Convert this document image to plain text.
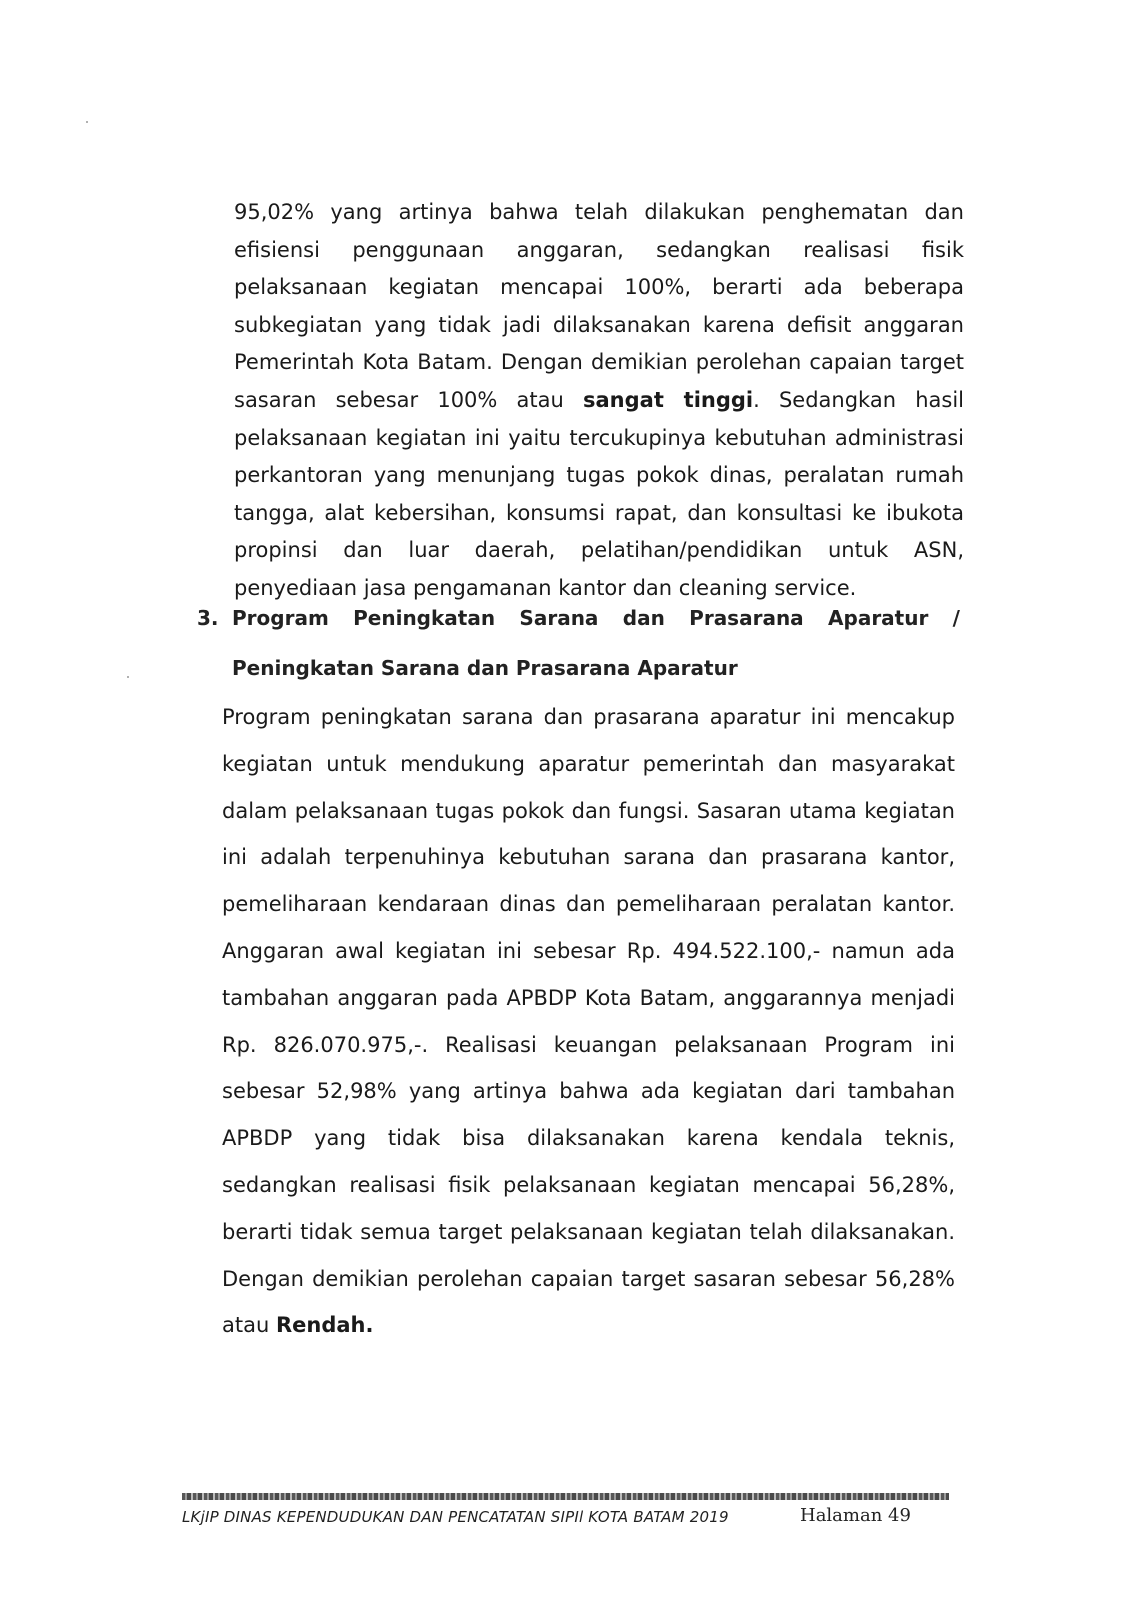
95,02% yang artinya bahwa telah dilakukan penghematan dan efisiensi penggunaan anggaran, sedangkan realisasi fisik pelaksanaan kegiatan mencapai 100%, berarti ada beberapa subkegiatan yang tidak jadi dilaksanakan karena defisit anggaran Pemerintah Kota Batam. Dengan demikian perolehan capaian target sasaran sebesar 100% atau sangat tinggi. Sedangkan hasil pelaksanaan kegiatan ini yaitu tercukupinya kebutuhan administrasi perkantoran yang menunjang tugas pokok dinas, peralatan rumah tangga, alat kebersihan, konsumsi rapat, dan konsultasi ke ibukota propinsi dan luar daerah, pelatihan/pendidikan untuk ASN, penyediaan jasa pengamanan kantor dan cleaning service.

3. Program Peningkatan Sarana dan Prasarana Aparatur /
Peningkatan Sarana dan Prasarana Aparatur

Program peningkatan sarana dan prasarana aparatur ini mencakup kegiatan untuk mendukung aparatur pemerintah dan masyarakat dalam pelaksanaan tugas pokok dan fungsi. Sasaran utama kegiatan ini adalah terpenuhinya kebutuhan sarana dan prasarana kantor, pemeliharaan kendaraan dinas dan pemeliharaan peralatan kantor. Anggaran awal kegiatan ini sebesar Rp. 494.522.100,- namun ada tambahan anggaran pada APBDP Kota Batam, anggarannya menjadi Rp. 826.070.975,-. Realisasi keuangan pelaksanaan Program ini sebesar 52,98% yang artinya bahwa ada kegiatan dari tambahan APBDP yang tidak bisa dilaksanakan karena kendala teknis, sedangkan realisasi fisik pelaksanaan kegiatan mencapai 56,28%, berarti tidak semua target pelaksanaan kegiatan telah dilaksanakan. Dengan demikian perolehan capaian target sasaran sebesar 56,28% atau Rendah.

LKjIP DINAS KEPENDUDUKAN DAN PENCATATAN SIPIl KOTA BATAM 2019	Halaman 49
